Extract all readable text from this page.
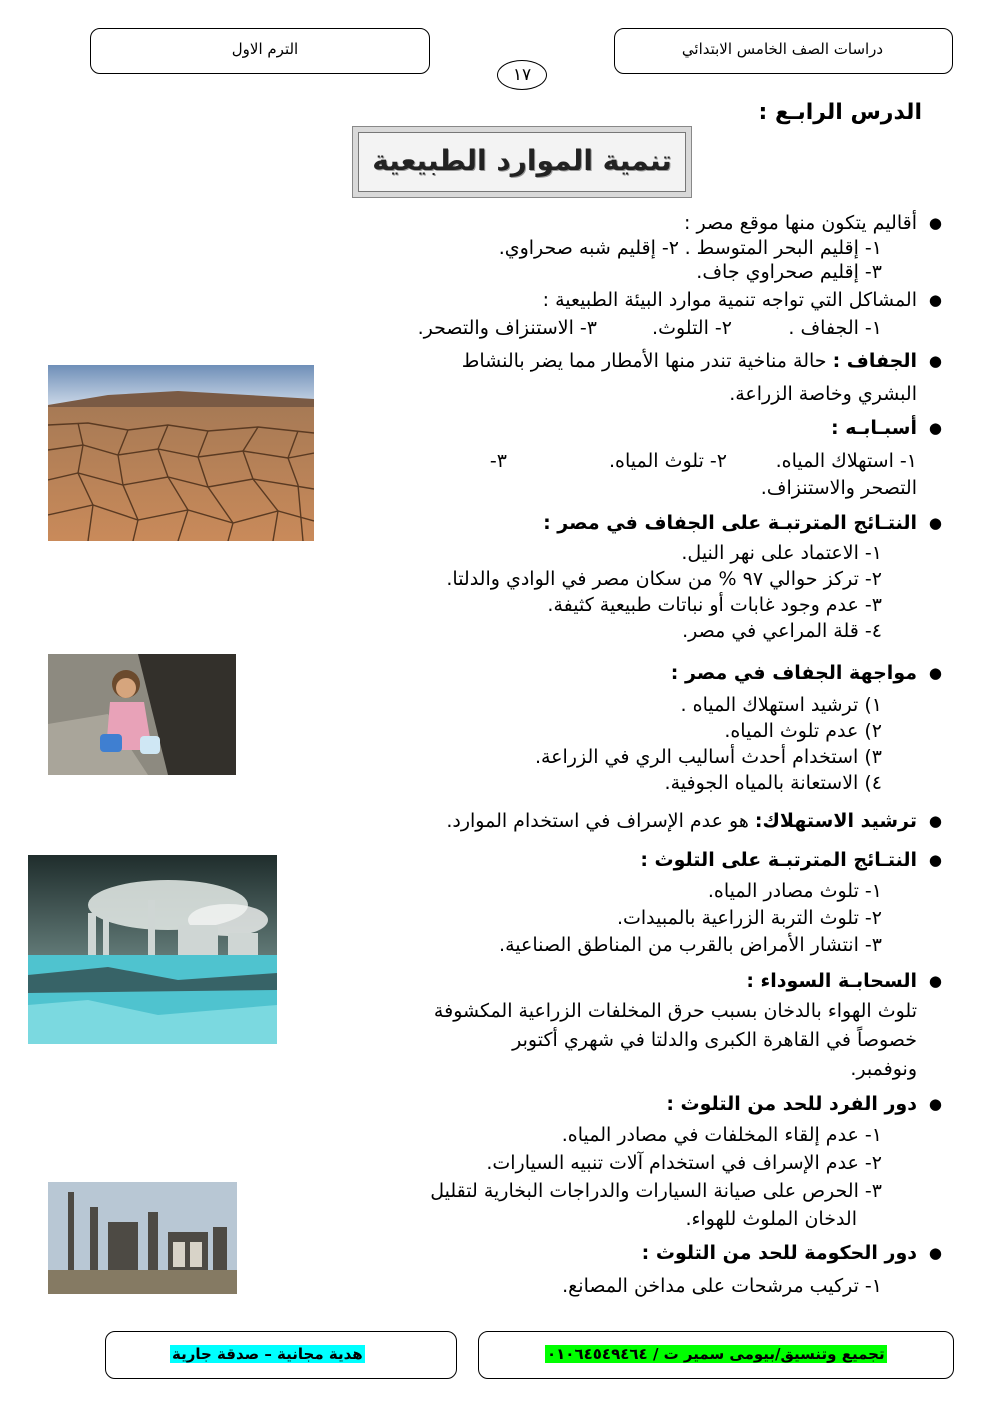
الترم الاول	دراسات الصف الخامس الابتدائي
١٧
الدرس الرابـع :
تنمية الموارد الطبيعية
● أقاليم يتكون منها موقع مصر :
١- إقليم البحر المتوسط .
٢- إقليم شبه صحراوي.
٣- إقليم صحراوي جاف.
● المشاكل التي تواجه تنمية موارد البيئة الطبيعية :
١- الجفاف .
٢- التلوث.
٣- الاستنزاف والتصحر.
● الجفاف : حالة مناخية تندر منها الأمطار مما يضر بالنشاط
البشري وخاصة الزراعة.
● أسبـابـه :
١- استهلاك المياه.
٢- تلوث المياه.
٣-
التصحر والاستنزاف.
● النتـائج المترتبـة على الجفاف في مصر :
١- الاعتماد على نهر النيل.
٢- تركز حوالي ٩٧ % من سكان مصر في الوادي والدلتا.
٣- عدم وجود غابات أو نباتات طبيعية كثيفة.
٤- قلة المراعي في مصر.
● مواجهة الجفاف في مصر :
١) ترشيد استهلاك المياه .
٢) عدم تلوث المياه.
٣) استخدام أحدث أساليب الري في الزراعة.
٤) الاستعانة بالمياه الجوفية.
● ترشيد الاستهلاك: هو عدم الإسراف في استخدام الموارد.
● النتـائج المترتبـة على التلوث :
١- تلوث مصادر المياه.
٢- تلوث التربة الزراعية بالمبيدات.
٣- انتشار الأمراض بالقرب من المناطق الصناعية.
● السحابـة السوداء :
تلوث الهواء بالدخان بسبب حرق المخلفات الزراعية المكشوفة
خصوصاً في القاهرة الكبرى والدلتا في شهري أكتوبر
ونوفمبر.
● دور الفرد للحد من التلوث :
١- عدم إلقاء المخلفات في مصادر المياه.
٢- عدم الإسراف في استخدام آلات تنبيه السيارات.
٣- الحرص على صيانة السيارات والدراجات البخارية لتقليل
الدخان الملوث للهواء.
● دور الحكومة للحد من التلوث :
١- تركيب مرشحات على مداخن المصانع.
هدية مجانية – صدقة جارية	تجميع وتنسيق/بيومى سمير ت / ٠١٠٦٤٥٤٩٤٦٤
